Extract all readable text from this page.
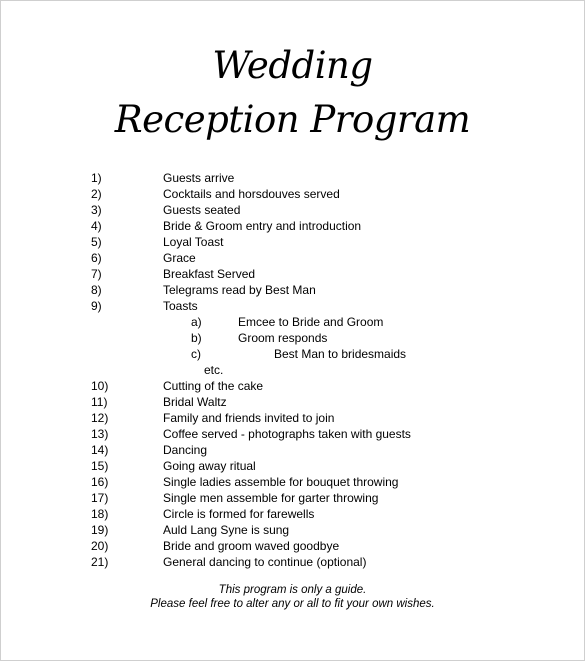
Wedding
Reception Program
1)	Guests arrive
2)	Cocktails and horsdouves served
3)	Guests seated
4)	Bride & Groom entry and introduction
5)	Loyal Toast
6)	Grace
7)	Breakfast Served
8)	Telegrams read by Best Man
9)	Toasts
a)	Emcee to Bride and Groom
b)	Groom responds
c)	Best Man to bridesmaids
etc.
10)	Cutting of the cake
11)	Bridal Waltz
12)	Family and friends invited to join
13)	Coffee served - photographs taken with guests
14)	Dancing
15)	Going away ritual
16)	Single ladies assemble for bouquet throwing
17)	Single men assemble for garter throwing
18)	Circle is formed for farewells
19)	Auld Lang Syne is sung
20)	Bride and groom waved goodbye
21)	General dancing to continue (optional)
This program is only a guide.
Please feel free to alter any or all to fit your own wishes.
